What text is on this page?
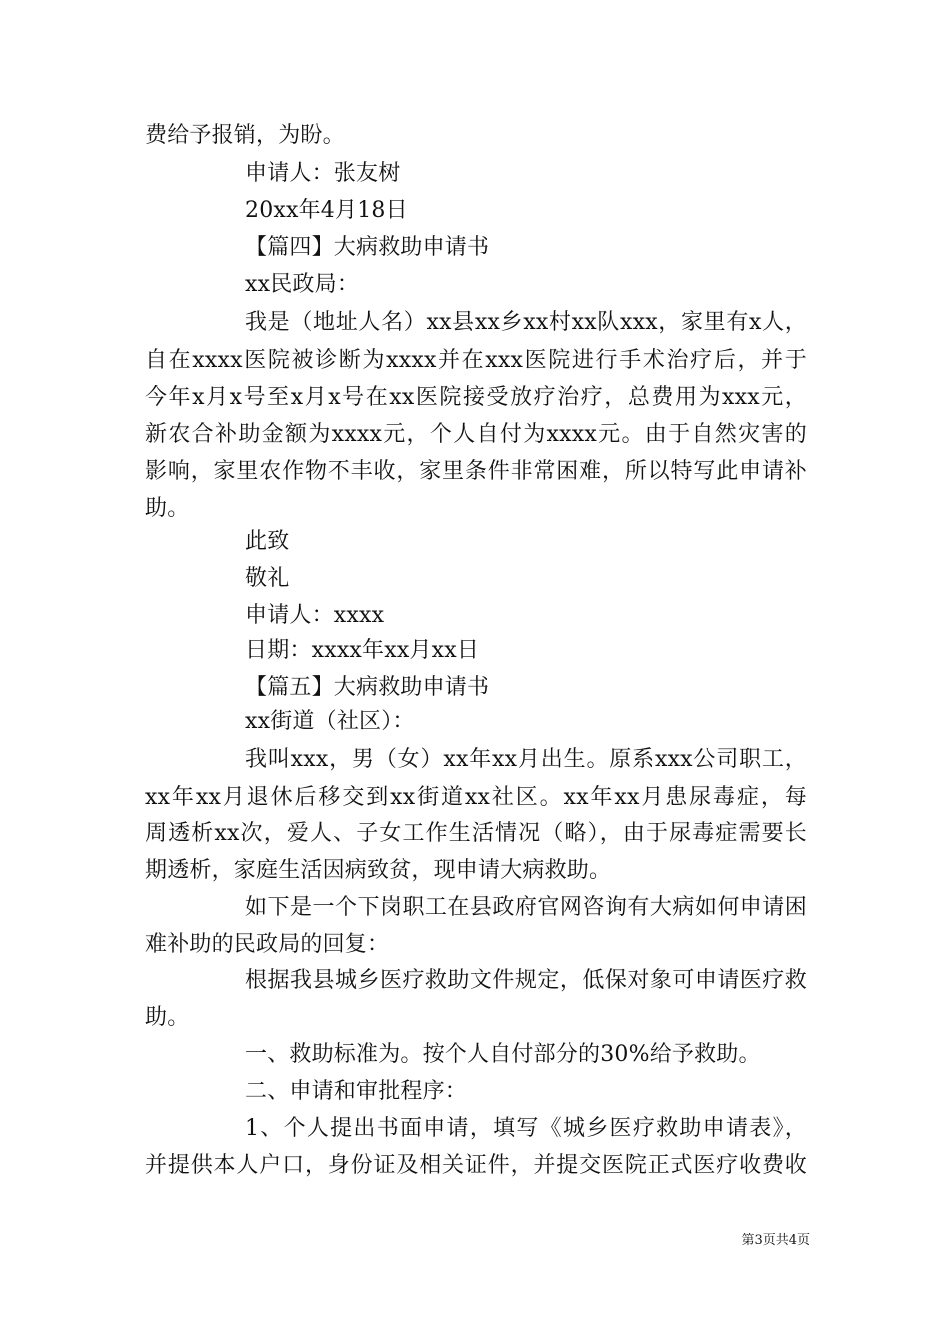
费给予报销，为盼。
申请人：张友树
20xx年4月18日
【篇四】大病救助申请书
xx民政局：
我是（地址人名）xx县xx乡xx村xx队xxx，家里有x人，
自在xxxx医院被诊断为xxxx并在xxx医院进行手术治疗后，并于
今年x月x号至x月x号在xx医院接受放疗治疗，总费用为xxx元，
新农合补助金额为xxxx元，个人自付为xxxx元。由于自然灾害的
影响，家里农作物不丰收，家里条件非常困难，所以特写此申请补
助。
此致
敬礼
申请人：xxxx
日期：xxxx年xx月xx日
【篇五】大病救助申请书
xx街道（社区）：
我叫xxx，男（女）xx年xx月出生。原系xxx公司职工，
xx年xx月退休后移交到xx街道xx社区。xx年xx月患尿毒症，每
周透析xx次，爱人、子女工作生活情况（略），由于尿毒症需要长
期透析，家庭生活因病致贫，现申请大病救助。
如下是一个下岗职工在县政府官网咨询有大病如何申请困
难补助的民政局的回复：
根据我县城乡医疗救助文件规定，低保对象可申请医疗救
助。
一、救助标准为。按个人自付部分的30%给予救助。
二、申请和审批程序：
1、个人提出书面申请，填写《城乡医疗救助申请表》，
并提供本人户口，身份证及相关证件，并提交医院正式医疗收费收
第3页共4页
